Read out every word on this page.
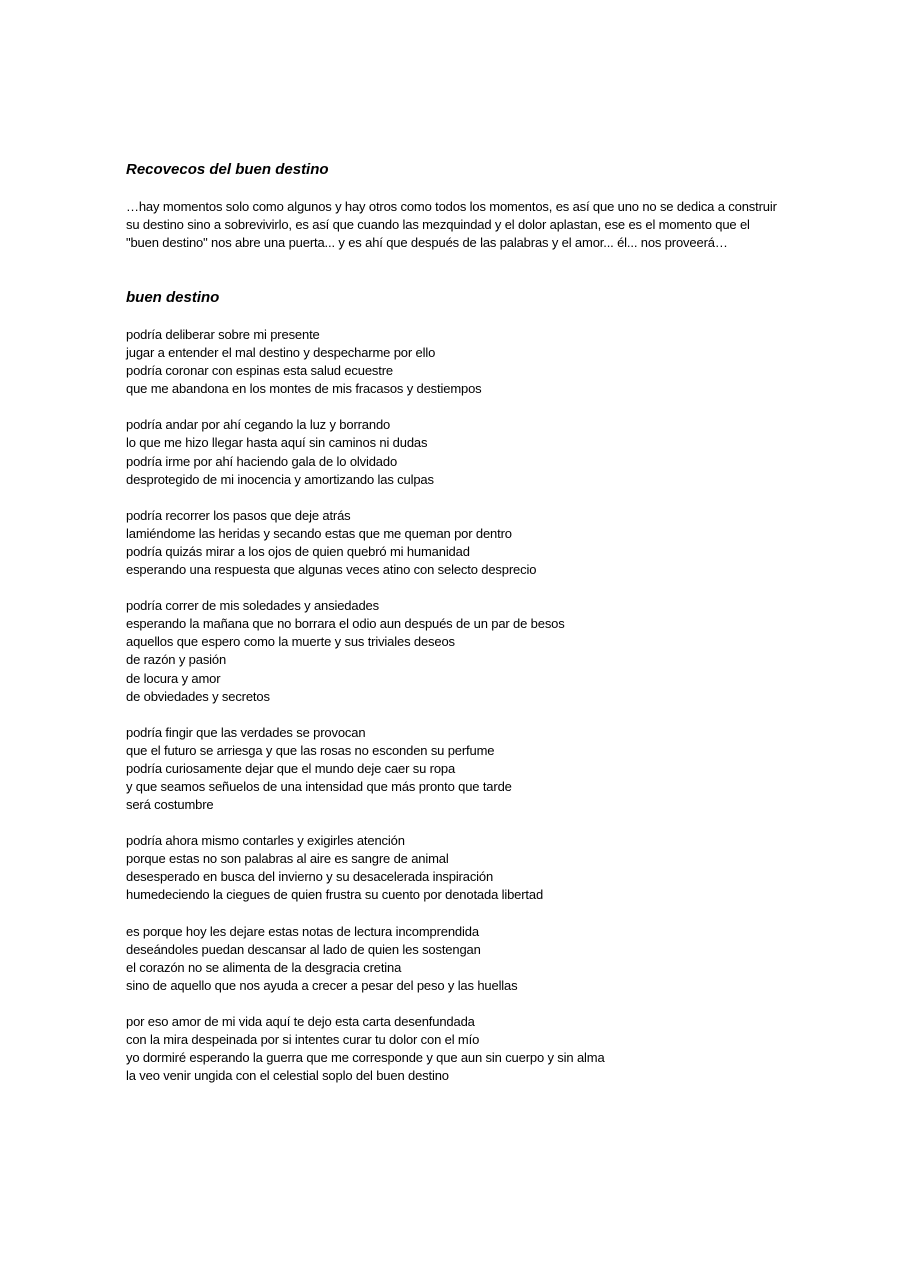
Recovecos del buen destino

…hay momentos solo como algunos y hay otros como todos los momentos, es así que uno no se dedica a construir su destino sino a sobrevivirlo, es así que cuando las mezquindad y el dolor aplastan, ese es el momento que el "buen destino" nos abre una puerta... y es ahí que después de las palabras y el amor... él... nos proveerá…

buen destino
podría deliberar sobre mi presente
jugar a entender el mal destino y despecharme por ello
podría coronar con espinas esta salud ecuestre
que me abandona en los montes de mis fracasos y destiempos
podría andar por ahí cegando la luz y borrando
lo que me hizo llegar hasta aquí sin caminos ni dudas
podría irme por ahí haciendo gala de lo olvidado
desprotegido de mi inocencia y amortizando las culpas
podría recorrer los pasos que deje atrás
lamiéndome las heridas y secando estas que me queman por dentro
podría quizás mirar a los ojos de quien quebró mi humanidad
esperando una respuesta que algunas veces atino con selecto desprecio
podría correr de mis soledades y ansiedades
esperando la mañana que no borrara el odio aun después de un par de besos
aquellos que espero como la muerte y sus triviales deseos
de razón y pasión
de locura y amor
de obviedades y secretos
podría fingir que las verdades se provocan
que el futuro se arriesga y que las rosas no esconden su perfume
podría curiosamente dejar que el mundo deje caer su ropa
y que seamos señuelos de una intensidad que más pronto que tarde
será costumbre
podría ahora mismo contarles y exigirles atención
porque estas no son palabras al aire es sangre de animal
desesperado en busca del invierno y su desacelerada inspiración
humedeciendo la ciegues de quien frustra su cuento por denotada libertad
es porque hoy les dejare estas notas de lectura incomprendida
deseándoles puedan descansar al lado de quien les sostengan
el corazón no se alimenta de la desgracia cretina
sino de aquello que nos ayuda a crecer a pesar del peso y las huellas
por eso amor de mi vida aquí te dejo esta carta desenfundada
con la mira despeinada por si intentes curar tu dolor con el mío
yo dormiré esperando la guerra que me corresponde y que aun sin cuerpo y sin alma
la veo venir ungida con el celestial soplo del buen destino
